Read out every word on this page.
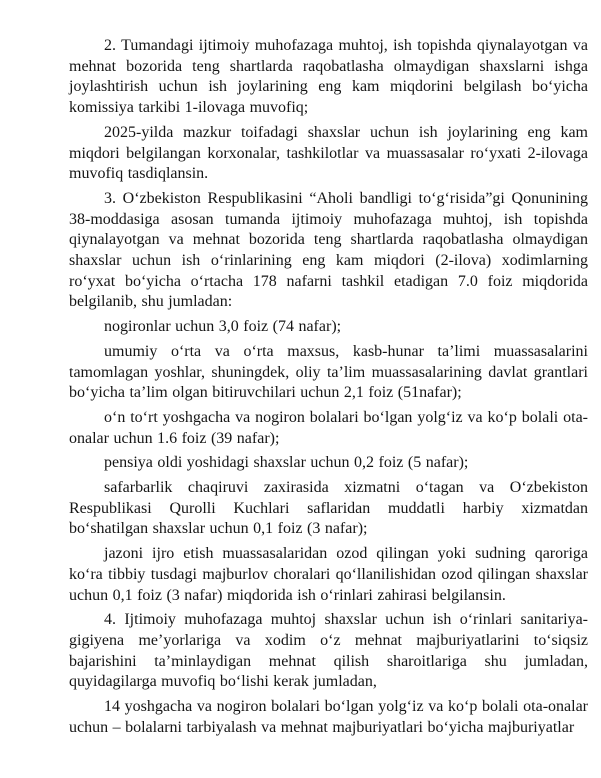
2. Tumandagi ijtimoiy muhofazaga muhtoj, ish topishda qiynalayotgan va mehnat bozorida teng shartlarda raqobatlasha olmaydigan shaxslarni ishga joylashtirish uchun ish joylarining eng kam miqdorini belgilash bo‘yicha komissiya tarkibi 1-ilovaga muvofiq;

2025-yilda mazkur toifadagi shaxslar uchun ish joylarining eng kam miqdori belgilangan korxonalar, tashkilotlar va muassasalar ro‘yxati 2-ilovaga muvofiq tasdiqlansin.

3. O‘zbekiston Respublikasini “Aholi bandligi to‘g‘risida”gi Qonunining 38-moddasiga asosan tumanda ijtimoiy muhofazaga muhtoj, ish topishda qiynalayotgan va mehnat bozorida teng shartlarda raqobatlasha olmaydigan shaxslar uchun ish o‘rinlarining eng kam miqdori (2-ilova) xodimlarning ro‘yxat bo‘yicha o‘rtacha 178 nafarni tashkil etadigan 7.0 foiz miqdorida belgilanib, shu jumladan:

nogironlar uchun 3,0 foiz (74 nafar);

umumiy o‘rta va o‘rta maxsus, kasb-hunar ta’limi muassasalarini tamomlagan yoshlar, shuningdek, oliy ta’lim muassasalarining davlat grantlari bo‘yicha ta’lim olgan bitiruvchilari uchun 2,1 foiz (51nafar);

o‘n to‘rt yoshgacha va nogiron bolalari bo‘lgan yolg‘iz va ko‘p bolali ota-onalar uchun 1.6 foiz (39 nafar);

pensiya oldi yoshidagi shaxslar uchun 0,2 foiz (5 nafar);

safarbarlik chaqiruvi zaxirasida xizmatni o‘tagan va O‘zbekiston Respublikasi Qurolli Kuchlari saflaridan muddatli harbiy xizmatdan bo‘shatilgan shaxslar uchun 0,1 foiz (3 nafar);

jazoni ijro etish muassasalaridan ozod qilingan yoki sudning qaroriga ko‘ra tibbiy tusdagi majburlov choralari qo‘llanilishidan ozod qilingan shaxslar uchun 0,1 foiz (3 nafar) miqdorida ish o‘rinlari zahirasi belgilansin.

4. Ijtimoiy muhofazaga muhtoj shaxslar uchun ish o‘rinlari sanitariya-gigiyena me’yorlariga va xodim o‘z mehnat majburiyatlarini to‘siqsiz bajarishini ta’minlaydigan mehnat qilish sharoitlariga shu jumladan, quyidagilarga muvofiq bo‘lishi kerak jumladan,

14 yoshgacha va nogiron bolalari bo‘lgan yolg‘iz va ko‘p bolali ota-onalar uchun – bolalarni tarbiyalash va mehnat majburiyatlari bo‘yicha majburiyatlar
